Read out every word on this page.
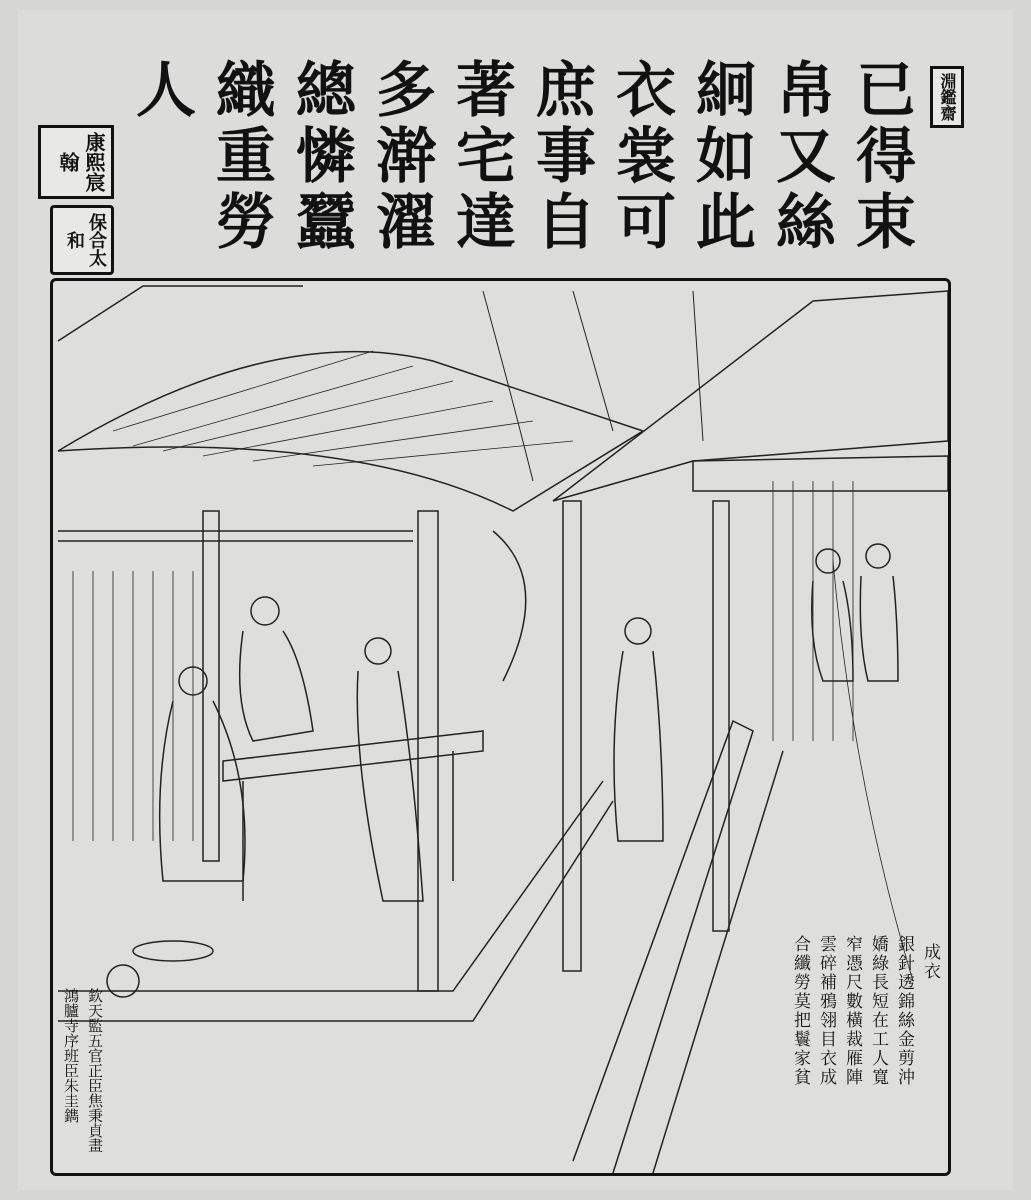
淵鑑齋
已得束
帛又絲
絅如此
衣裳可
庶事自
著宅達
多澣濯
總憐蠶
織重勞
人
康熙宸翰
保合太和
成衣
銀針透錦絲金剪沖
嬌綠長短在工人寬
窄憑尺數橫裁雁陣
雲碎補鴉翎目衣成
合纖勞莫把鬟家貧
欽天監五官正臣焦秉貞畫
鴻臚寺序班臣朱圭鐫
